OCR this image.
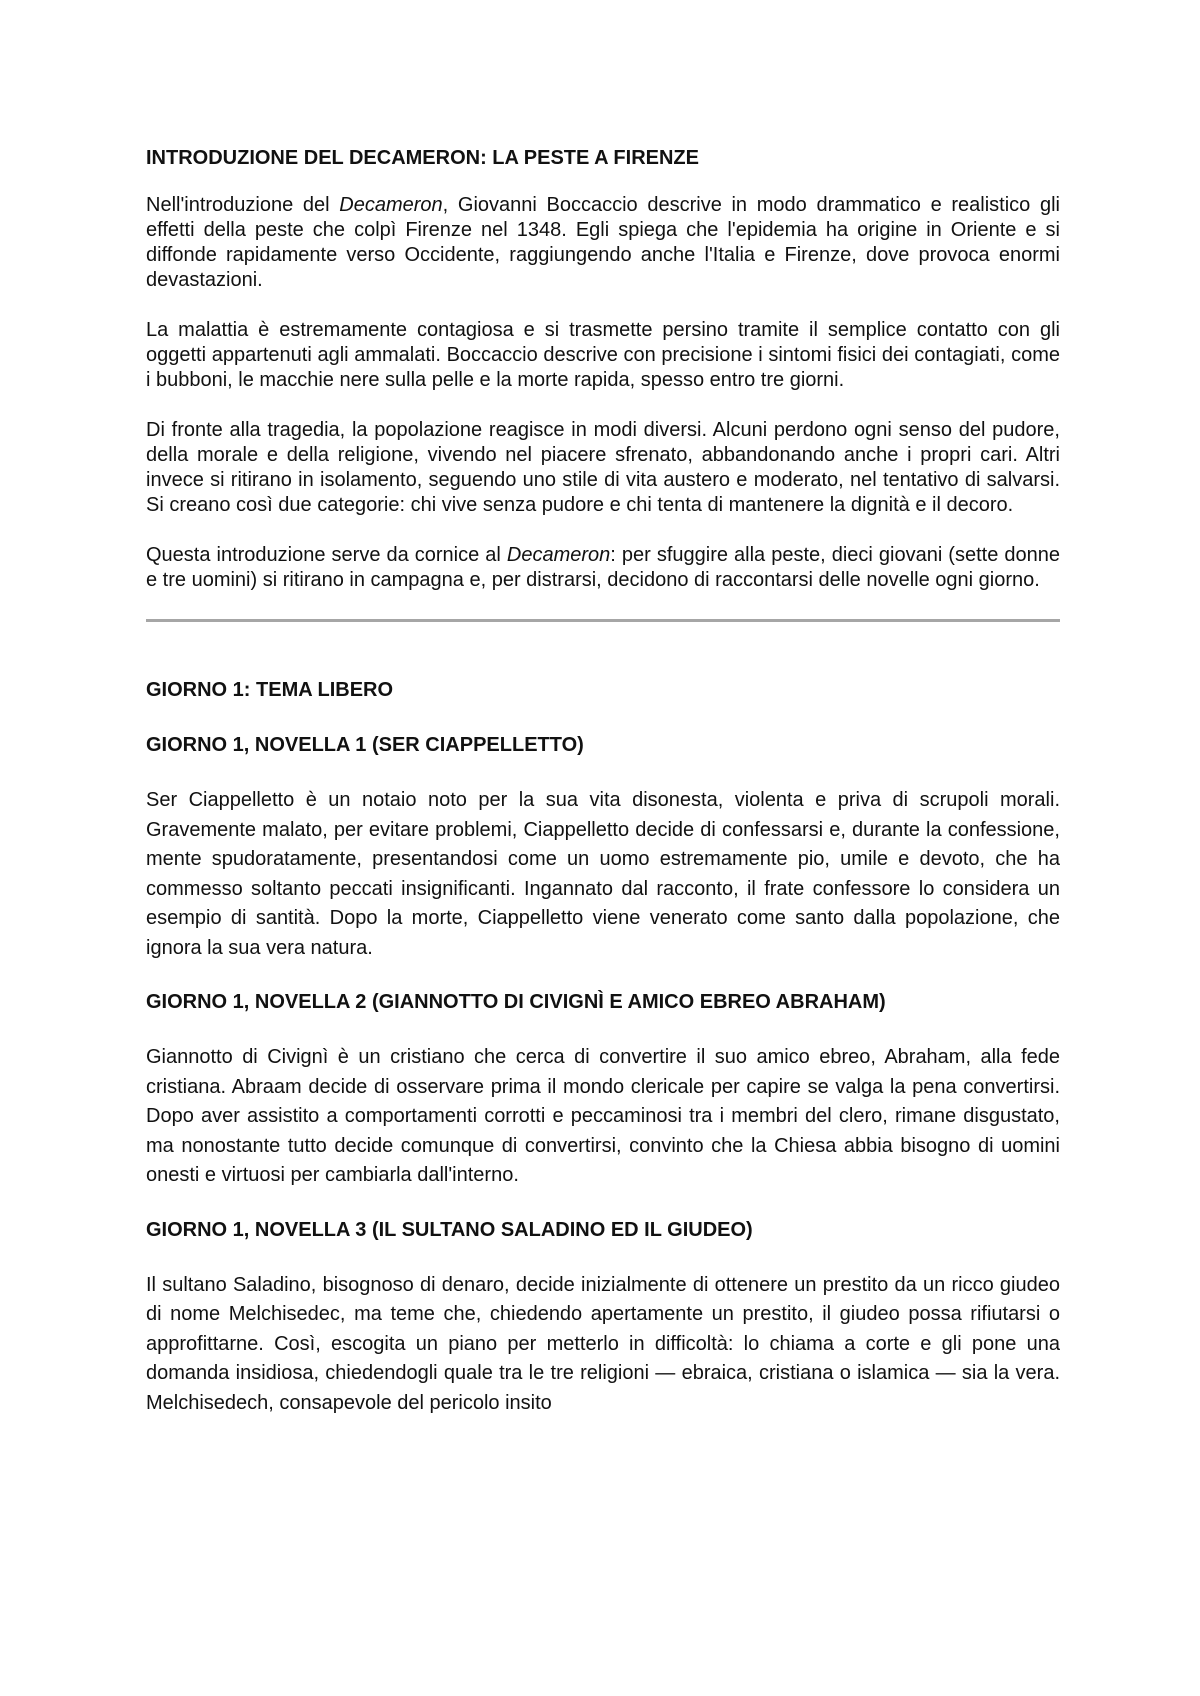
INTRODUZIONE DEL DECAMERON: LA PESTE A FIRENZE

Nell'introduzione del Decameron, Giovanni Boccaccio descrive in modo drammatico e realistico gli effetti della peste che colpì Firenze nel 1348. Egli spiega che l'epidemia ha origine in Oriente e si diffonde rapidamente verso Occidente, raggiungendo anche l'Italia e Firenze, dove provoca enormi devastazioni.

La malattia è estremamente contagiosa e si trasmette persino tramite il semplice contatto con gli oggetti appartenuti agli ammalati. Boccaccio descrive con precisione i sintomi fisici dei contagiati, come i bubboni, le macchie nere sulla pelle e la morte rapida, spesso entro tre giorni.

Di fronte alla tragedia, la popolazione reagisce in modi diversi. Alcuni perdono ogni senso del pudore, della morale e della religione, vivendo nel piacere sfrenato, abbandonando anche i propri cari. Altri invece si ritirano in isolamento, seguendo uno stile di vita austero e moderato, nel tentativo di salvarsi. Si creano così due categorie: chi vive senza pudore e chi tenta di mantenere la dignità e il decoro.

Questa introduzione serve da cornice al Decameron: per sfuggire alla peste, dieci giovani (sette donne e tre uomini) si ritirano in campagna e, per distrarsi, decidono di raccontarsi delle novelle ogni giorno.

GIORNO 1: TEMA LIBERO
GIORNO 1, NOVELLA 1 (SER CIAPPELLETTO)

Ser Ciappelletto è un notaio noto per la sua vita disonesta, violenta e priva di scrupoli morali. Gravemente malato, per evitare problemi, Ciappelletto decide di confessarsi e, durante la confessione, mente spudoratamente, presentandosi come un uomo estremamente pio, umile e devoto, che ha commesso soltanto peccati insignificanti. Ingannato dal racconto, il frate confessore lo considera un esempio di santità. Dopo la morte, Ciappelletto viene venerato come santo dalla popolazione, che ignora la sua vera natura.

GIORNO 1, NOVELLA 2 (GIANNOTTO DI CIVIGNÌ E AMICO EBREO ABRAHAM)

Giannotto di Civignì è un cristiano che cerca di convertire il suo amico ebreo, Abraham, alla fede cristiana. Abraam decide di osservare prima il mondo clericale per capire se valga la pena convertirsi. Dopo aver assistito a comportamenti corrotti e peccaminosi tra i membri del clero, rimane disgustato, ma nonostante tutto decide comunque di convertirsi, convinto che la Chiesa abbia bisogno di uomini onesti e virtuosi per cambiarla dall'interno.

GIORNO 1, NOVELLA 3 (IL SULTANO SALADINO ED IL GIUDEO)

Il sultano Saladino, bisognoso di denaro, decide inizialmente di ottenere un prestito da un ricco giudeo di nome Melchisedec, ma teme che, chiedendo apertamente un prestito, il giudeo possa rifiutarsi o approfittarne. Così, escogita un piano per metterlo in difficoltà: lo chiama a corte e gli pone una domanda insidiosa, chiedendogli quale tra le tre religioni — ebraica, cristiana o islamica — sia la vera. Melchisedech, consapevole del pericolo insito
